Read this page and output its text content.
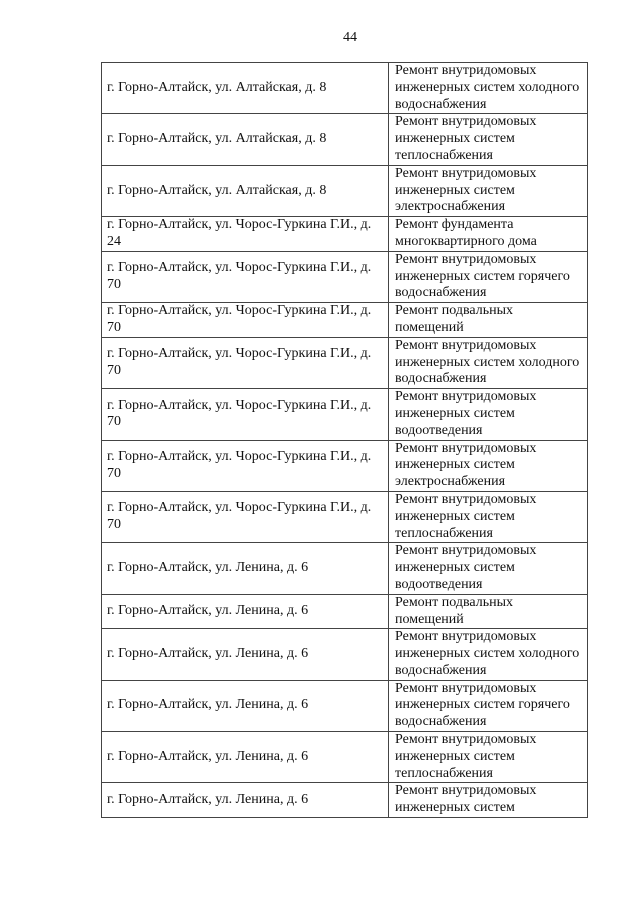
44
г. Горно-Алтайск, ул. Алтайская, д. 8	Ремонт внутридомовых инженерных систем холодного водоснабжения
г. Горно-Алтайск, ул. Алтайская, д. 8	Ремонт внутридомовых инженерных систем теплоснабжения
г. Горно-Алтайск, ул. Алтайская, д. 8	Ремонт внутридомовых инженерных систем электроснабжения
г. Горно-Алтайск, ул. Чорос-Гуркина Г.И., д. 24	Ремонт фундамента многоквартирного дома
г. Горно-Алтайск, ул. Чорос-Гуркина Г.И., д. 70	Ремонт внутридомовых инженерных систем горячего водоснабжения
г. Горно-Алтайск, ул. Чорос-Гуркина Г.И., д. 70	Ремонт подвальных помещений
г. Горно-Алтайск, ул. Чорос-Гуркина Г.И., д. 70	Ремонт внутридомовых инженерных систем холодного водоснабжения
г. Горно-Алтайск, ул. Чорос-Гуркина Г.И., д. 70	Ремонт внутридомовых инженерных систем водоотведения
г. Горно-Алтайск, ул. Чорос-Гуркина Г.И., д. 70	Ремонт внутридомовых инженерных систем электроснабжения
г. Горно-Алтайск, ул. Чорос-Гуркина Г.И., д. 70	Ремонт внутридомовых инженерных систем теплоснабжения
г. Горно-Алтайск, ул. Ленина, д. 6	Ремонт внутридомовых инженерных систем водоотведения
г. Горно-Алтайск, ул. Ленина, д. 6	Ремонт подвальных помещений
г. Горно-Алтайск, ул. Ленина, д. 6	Ремонт внутридомовых инженерных систем холодного водоснабжения
г. Горно-Алтайск, ул. Ленина, д. 6	Ремонт внутридомовых инженерных систем горячего водоснабжения
г. Горно-Алтайск, ул. Ленина, д. 6	Ремонт внутридомовых инженерных систем теплоснабжения
г. Горно-Алтайск, ул. Ленина, д. 6	Ремонт внутридомовых инженерных систем
